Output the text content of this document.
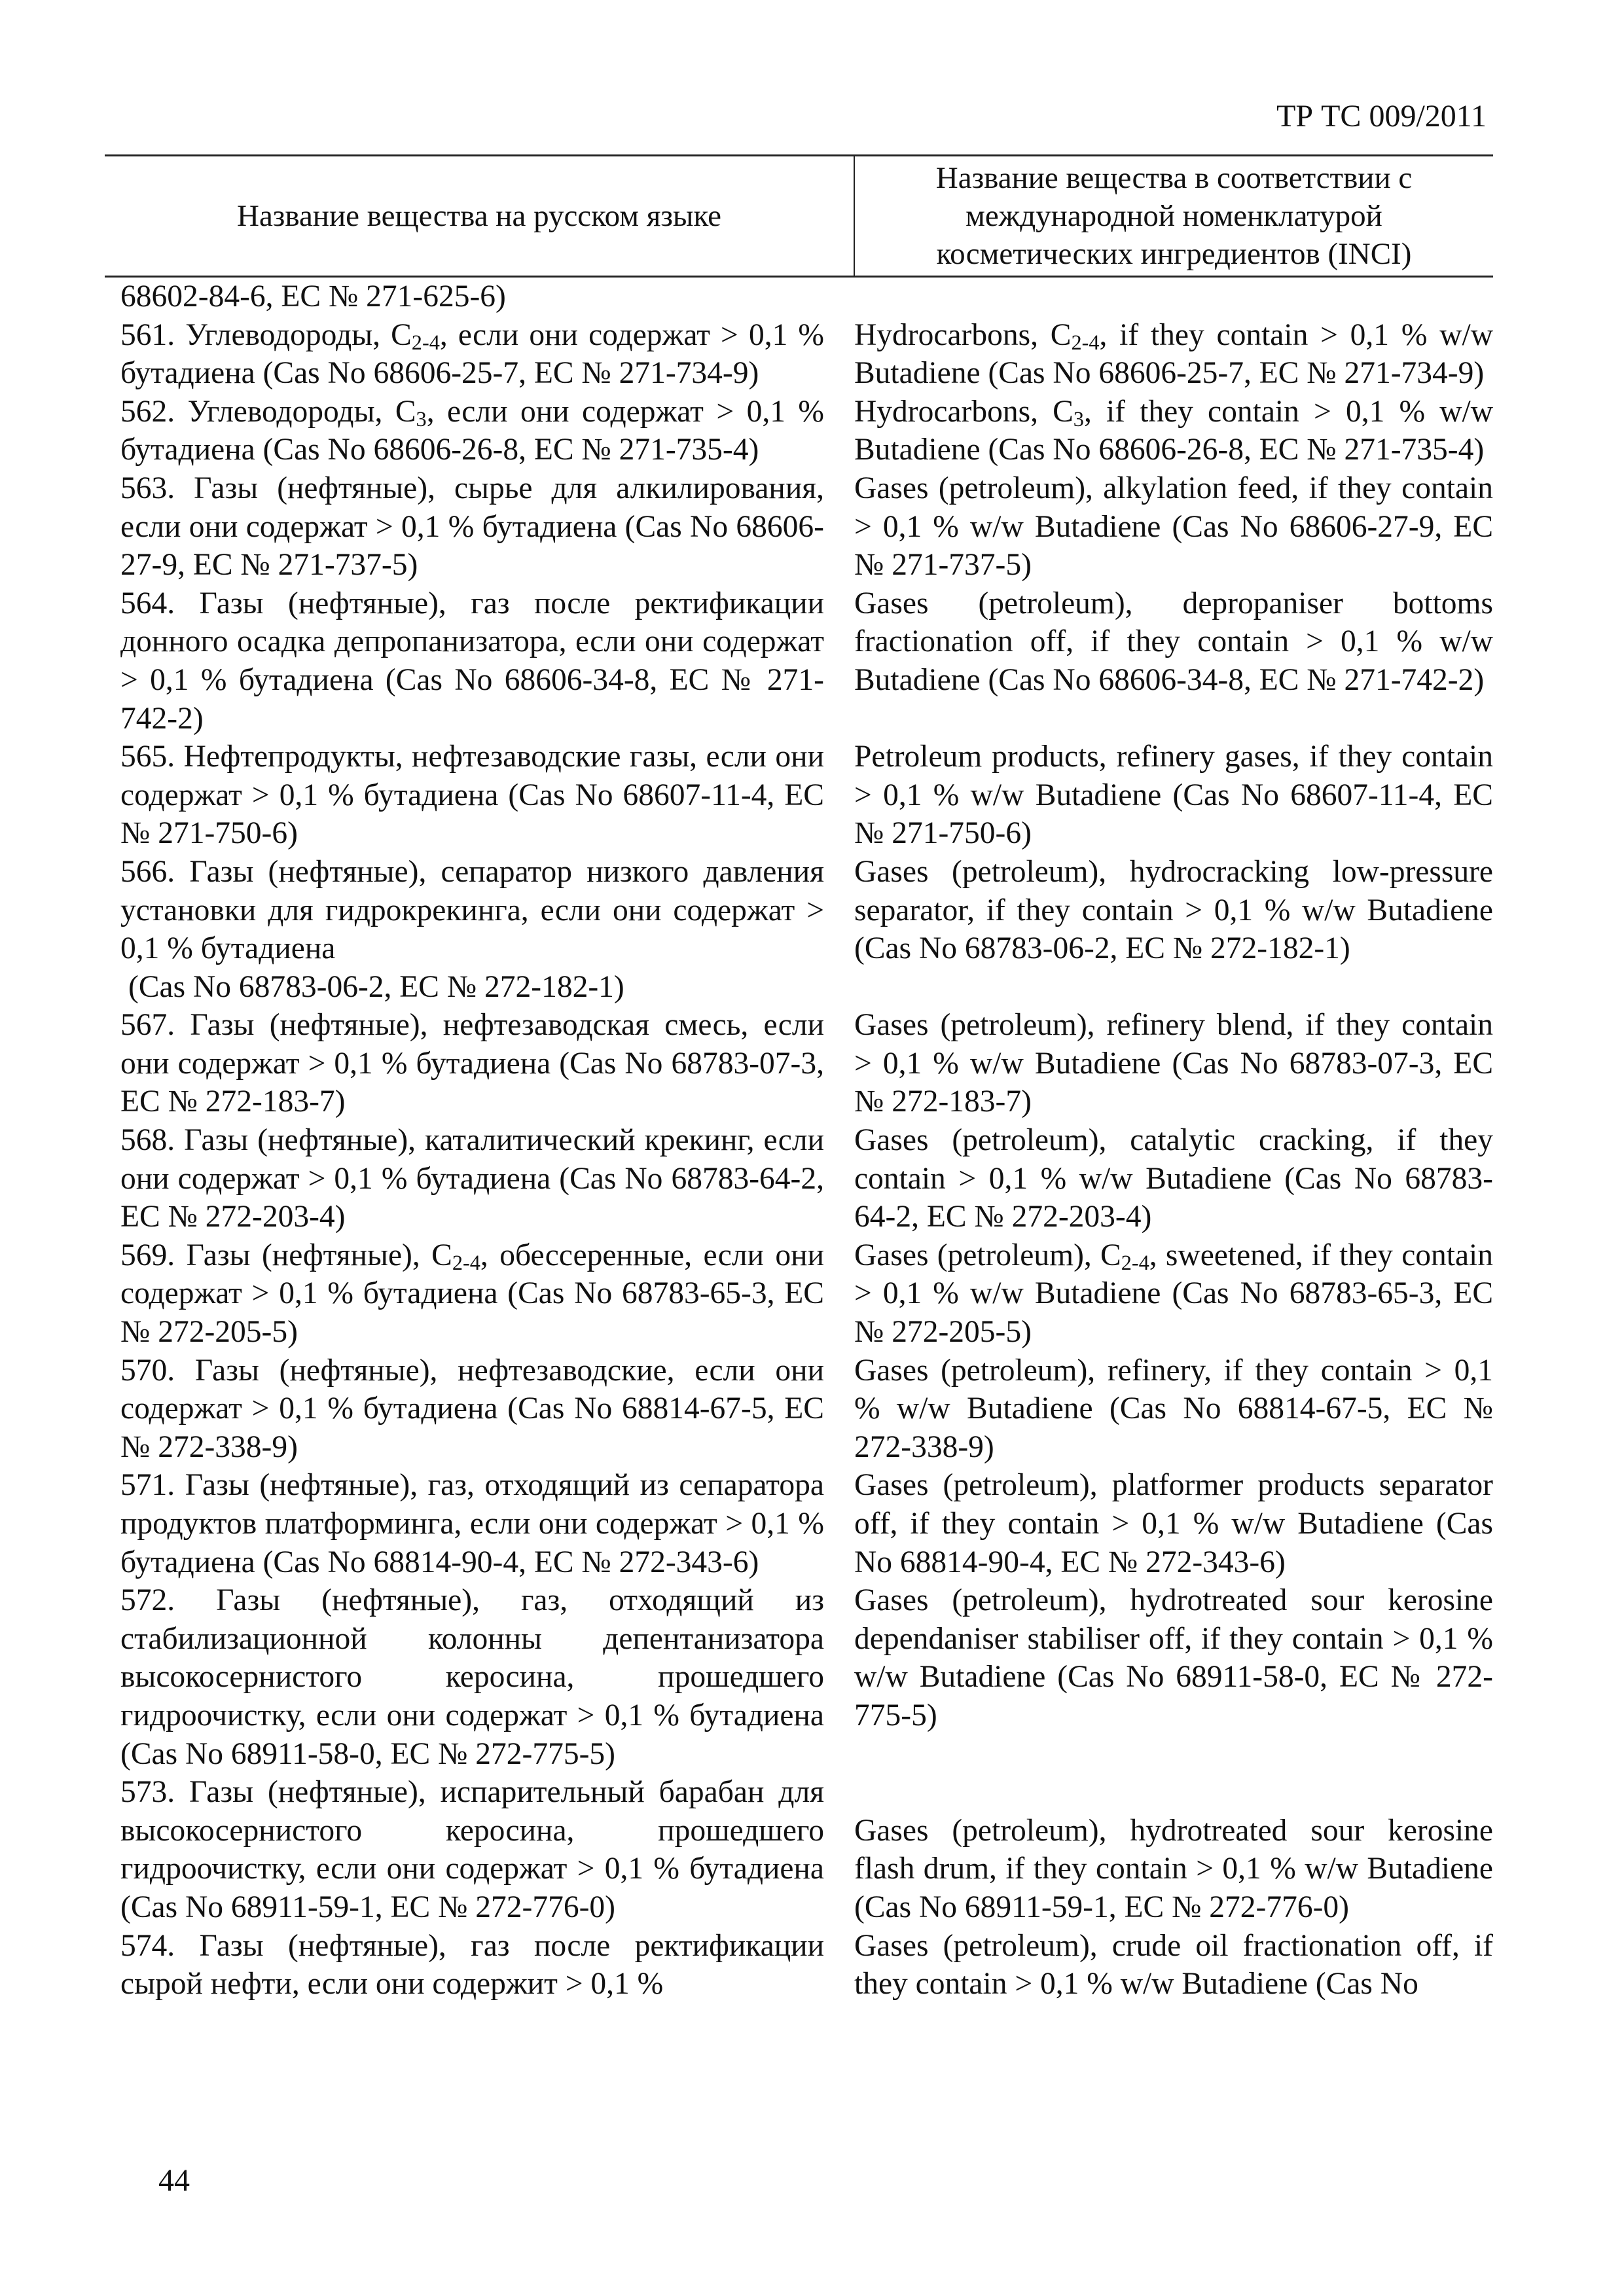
ТР ТС 009/2011
Название вещества на русском языке
Название вещества в соответствии с международной номенклатурой косметических ингредиентов (INCI)
68602-84-6, ЕС № 271-625-6)
561. Углеводороды, $C_{2-4}$, если они содержат > 0,1 % бутадиена (Cas No 68606-25-7, ЕС № 271-734-9)
Hydrocarbons, $C_{2-4}$, if they contain > 0,1 % w/w Butadiene (Cas No 68606-25-7, ЕС № 271-734-9)
562. Углеводороды, $C_3$, если они содержат > 0,1 % бутадиена (Cas No 68606-26-8, ЕС № 271-735-4)
Hydrocarbons, $C_3$, if they contain > 0,1 % w/w Butadiene (Cas No 68606-26-8, ЕС № 271-735-4)
563. Газы (нефтяные), сырье для алкилирования, если они содержат > 0,1 % бутадиена (Cas No 68606-27-9, ЕС № 271-737-5)
Gases (petroleum), alkylation feed, if they contain > 0,1 % w/w Butadiene (Cas No 68606-27-9, ЕС № 271-737-5)
564. Газы (нефтяные), газ после ректификации донного осадка депропанизатора, если они содержат > 0,1 % бутадиена (Cas No 68606-34-8, ЕС № 271-742-2)
Gases (petroleum), depropaniser bottoms fractionation off, if they contain > 0,1 % w/w Butadiene (Cas No 68606-34-8, ЕС № 271-742-2)
565. Нефтепродукты, нефтезаводские газы, если они содержат > 0,1 % бутадиена (Cas No 68607-11-4, ЕС № 271-750-6)
Petroleum products, refinery gases, if they contain > 0,1 % w/w Butadiene (Cas No 68607-11-4, ЕС № 271-750-6)
566. Газы (нефтяные), сепаратор низкого давления установки для гидрокрекинга, если они содержат > 0,1 % бутадиена
(Cas No 68783-06-2, ЕС № 272-182-1)
Gases (petroleum), hydrocracking low-pressure separator, if they contain > 0,1 % w/w Butadiene (Cas No 68783-06-2, ЕС № 272-182-1)
567. Газы (нефтяные), нефтезаводская смесь, если они содержат > 0,1 % бутадиена (Cas No 68783-07-3, ЕС № 272-183-7)
Gases (petroleum), refinery blend, if they contain > 0,1 % w/w Butadiene (Cas No 68783-07-3, ЕС № 272-183-7)
568. Газы (нефтяные), каталитический крекинг, если они содержат > 0,1 % бутадиена (Cas No 68783-64-2, ЕС № 272-203-4)
Gases (petroleum), catalytic cracking, if they contain > 0,1 % w/w Butadiene (Cas No 68783-64-2, ЕС № 272-203-4)
569. Газы (нефтяные), $C_{2-4}$, обессеренные, если они содержат > 0,1 % бутадиена (Cas No 68783-65-3, ЕС № 272-205-5)
Gases (petroleum), $C_{2-4}$, sweetened, if they contain > 0,1 % w/w Butadiene (Cas No 68783-65-3, ЕС № 272-205-5)
570. Газы (нефтяные), нефтезаводские, если они содержат > 0,1 % бутадиена (Cas No 68814-67-5, ЕС № 272-338-9)
Gases (petroleum), refinery, if they contain > 0,1 % w/w Butadiene (Cas No 68814-67-5, ЕС № 272-338-9)
571. Газы (нефтяные), газ, отходящий из сепаратора продуктов платформинга, если они содержат > 0,1 % бутадиена (Cas No 68814-90-4, ЕС № 272-343-6)
Gases (petroleum), platformer products separator off, if they contain > 0,1 % w/w Butadiene (Cas No 68814-90-4, ЕС № 272-343-6)
572. Газы (нефтяные), газ, отходящий из стабилизационной колонны депентанизатора высокосернистого керосина, прошедшего гидроочистку, если они содержат > 0,1 % бутадиена (Cas No 68911-58-0, ЕС № 272-775-5)
Gases (petroleum), hydrotreated sour kerosine dependaniser stabiliser off, if they contain > 0,1 % w/w Butadiene (Cas No 68911-58-0, ЕС № 272-775-5)
573. Газы (нефтяные), испарительный барабан для высокосернистого керосина, прошедшего гидроочистку, если они содержат > 0,1 % бутадиена (Cas No 68911-59-1, ЕС № 272-776-0)
Gases (petroleum), hydrotreated sour kerosine flash drum, if they contain > 0,1 % w/w Butadiene (Cas No 68911-59-1, ЕС № 272-776-0)
574. Газы (нефтяные), газ после ректификации сырой нефти, если они содержит > 0,1 %
Gases (petroleum), crude oil fractionation off, if they contain > 0,1 % w/w Butadiene (Cas No
44
